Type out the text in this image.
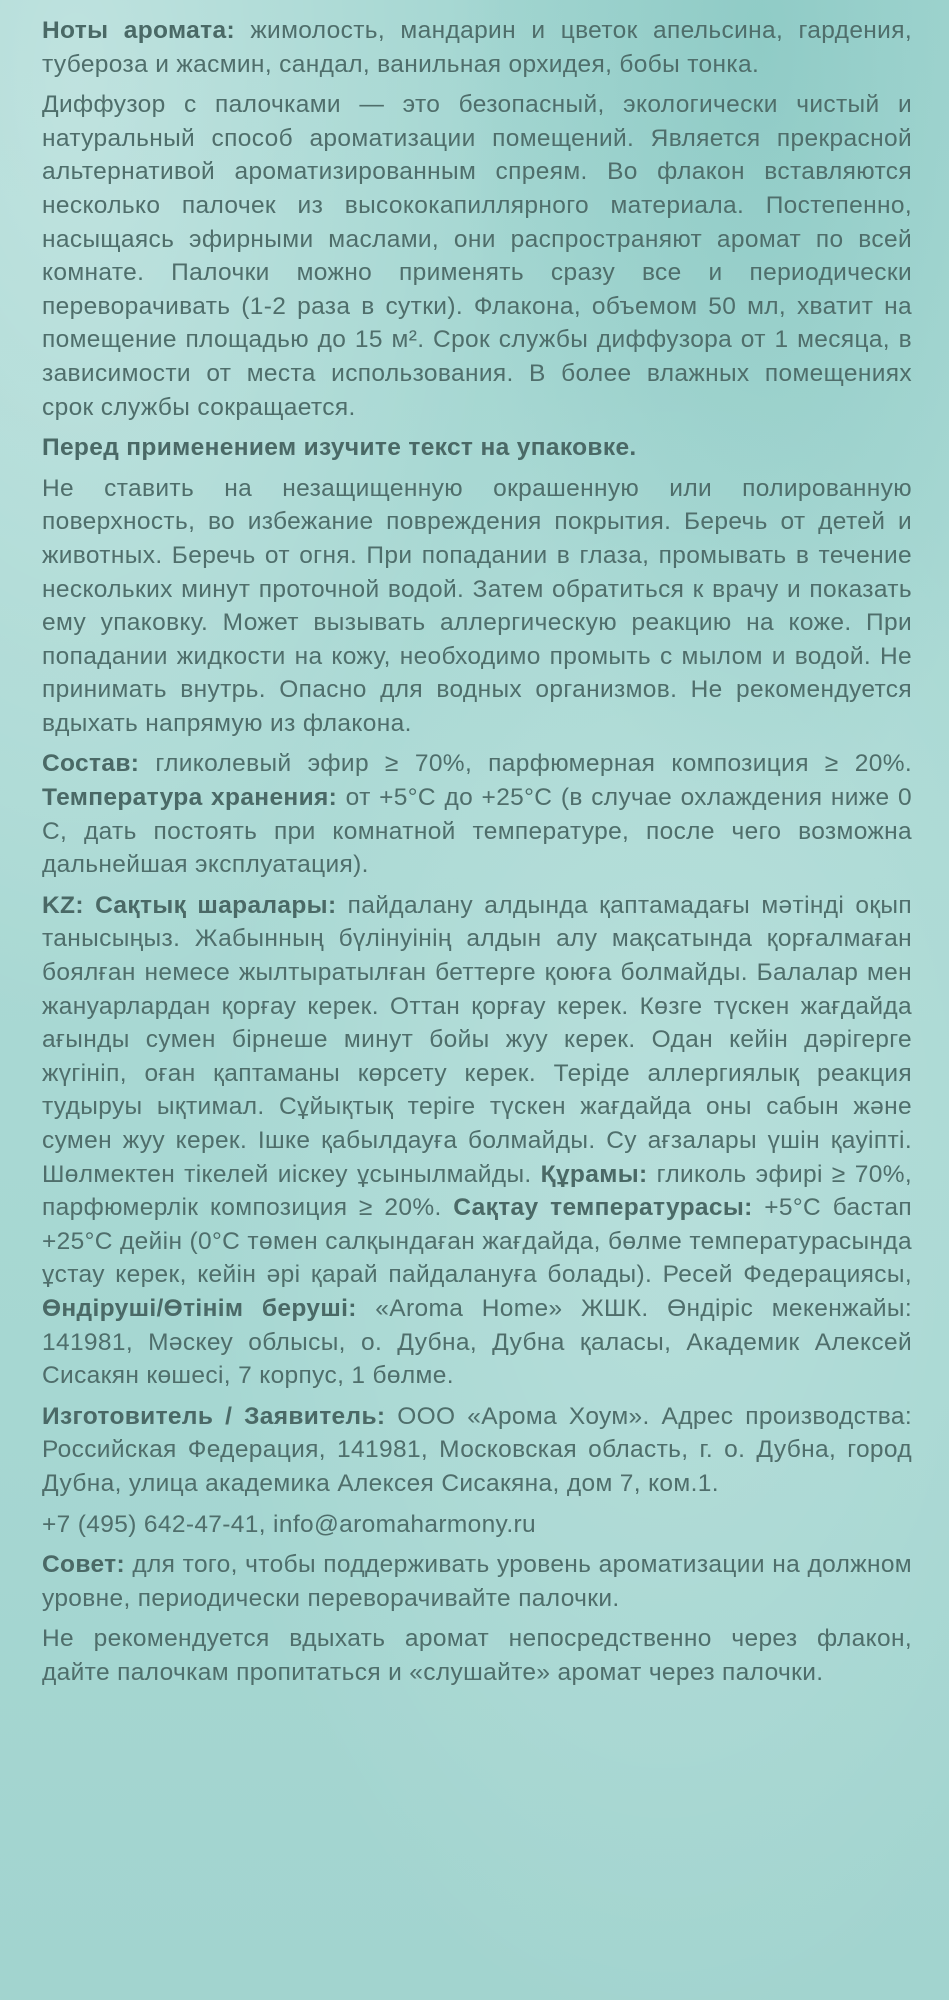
Ноты аромата: жимолость, мандарин и цветок апельсина, гардения, тубероза и жасмин, сандал, ванильная орхидея, бобы тонка.

Диффузор с палочками — это безопасный, экологически чистый и натуральный способ ароматизации помещений. Является прекрасной альтернативой ароматизированным спреям. Во флакон вставляются несколько палочек из высококапиллярного материала. Постепенно, насыщаясь эфирными маслами, они распространяют аромат по всей комнате. Палочки можно применять сразу все и периодически переворачивать (1-2 раза в сутки). Флакона, объемом 50 мл, хватит на помещение площадью до 15 м². Срок службы диффузора от 1 месяца, в зависимости от места использования. В более влажных помещениях срок службы сокращается.

Перед применением изучите текст на упаковке.

Не ставить на незащищенную окрашенную или полированную поверхность, во избежание повреждения покрытия. Беречь от детей и животных. Беречь от огня. При попадании в глаза, промывать в течение нескольких минут проточной водой. Затем обратиться к врачу и показать ему упаковку. Может вызывать аллергическую реакцию на коже. При попадании жидкости на кожу, необходимо промыть с мылом и водой. Не принимать внутрь. Опасно для водных организмов. Не рекомендуется вдыхать напрямую из флакона.

Состав: гликолевый эфир ≥ 70%, парфюмерная композиция ≥ 20%. Температура хранения: от +5°С до +25°С (в случае охлаждения ниже 0 С, дать постоять при комнатной температуре, после чего возможна дальнейшая эксплуатация).

KZ: Сақтық шаралары: пайдалану алдында қаптамадағы мәтінді оқып танысыңыз. Жабынның бүлінуінің алдын алу мақсатында қорғалмаған боялған немесе жылтыратылған беттерге қоюға болмайды. Балалар мен жануарлардан қорғау керек. Оттан қорғау керек. Көзге түскен жағдайда ағынды сумен бірнеше минут бойы жуу керек. Одан кейін дәрігерге жүгініп, оған қаптаманы көрсету керек. Теріде аллергиялық реакция тудыруы ықтимал. Сұйықтық теріге түскен жағдайда оны сабын және сумен жуу керек. Ішке қабылдауға болмайды. Су ағзалары үшін қауіпті. Шөлмектен тікелей иіскеу ұсынылмайды. Құрамы: гликоль эфирі ≥ 70%, парфюмерлік композиция ≥ 20%. Сақтау температурасы: +5°С бастап +25°С дейін (0°С төмен салқындаған жағдайда, бөлме температурасында ұстау керек, кейін әрі қарай пайдалануға болады). Ресей Федерациясы, Өндіруші/Өтінім беруші: «Aroma Home» ЖШК. Өндіріс мекенжайы: 141981, Мәскеу облысы, о. Дубна, Дубна қаласы, Академик Алексей Сисакян көшесі, 7 корпус, 1 бөлме.

Изготовитель / Заявитель: ООО «Арома Хоум». Адрес производства: Российская Федерация, 141981, Московская область, г. о. Дубна, город Дубна, улица академика Алексея Сисакяна, дом 7, ком.1.

+7 (495) 642-47-41, info@aromaharmony.ru

Совет: для того, чтобы поддерживать уровень ароматизации на должном уровне, периодически переворачивайте палочки.

Не рекомендуется вдыхать аромат непосредственно через флакон, дайте палочкам пропитаться и «слушайте» аромат через палочки.
